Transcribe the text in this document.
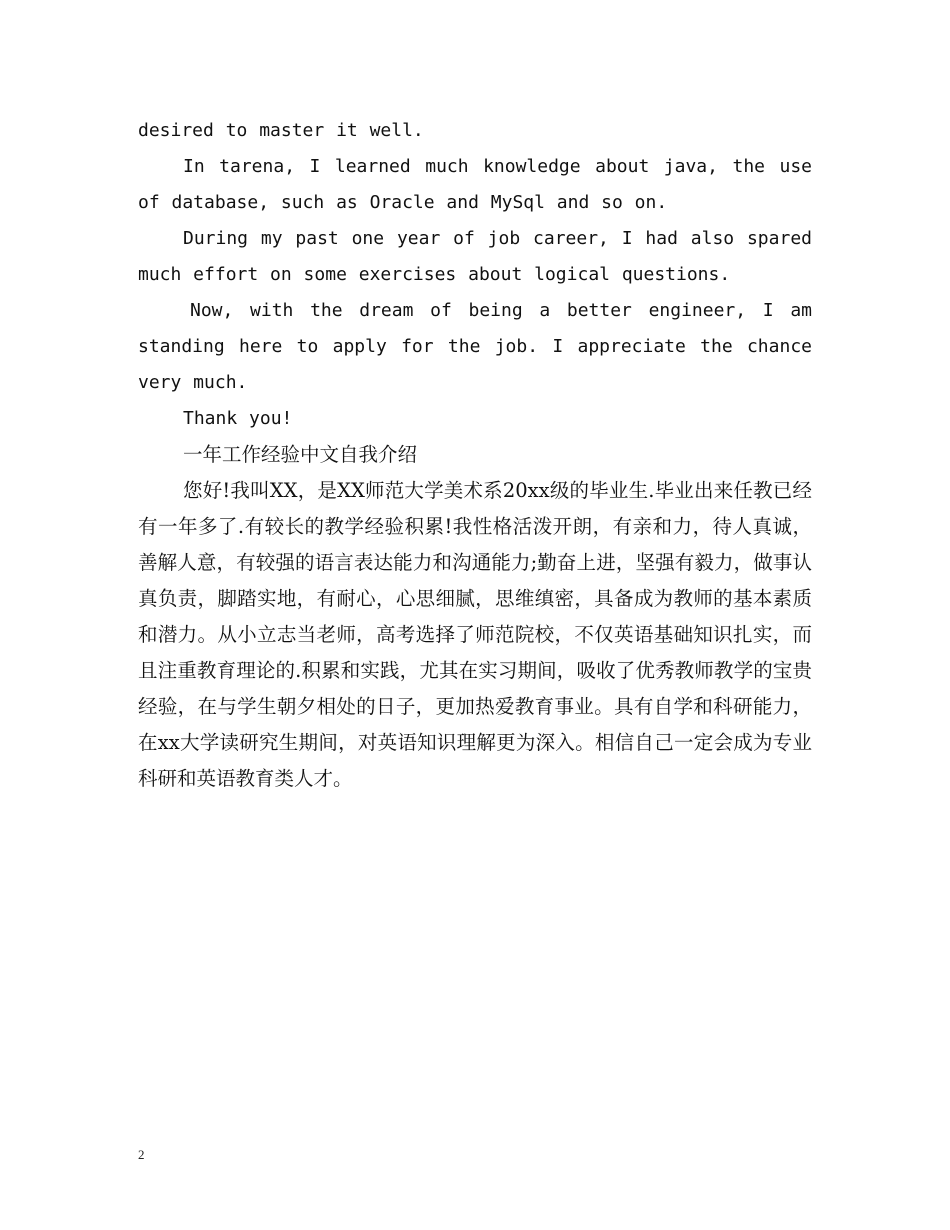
desired to master it well.

In tarena, I learned much knowledge about java, the use of database, such as Oracle and MySql and so on.

During my past one year of job career, I had also spared much effort on some exercises about logical questions.

Now, with the dream of being a better engineer, I am standing here to apply for the job. I appreciate the chance very much.

Thank you!

一年工作经验中文自我介绍

您好!我叫XX，是XX师范大学美术系20xx级的毕业生.毕业出来任教已经有一年多了.有较长的教学经验积累!我性格活泼开朗，有亲和力，待人真诚，善解人意，有较强的语言表达能力和沟通能力;勤奋上进，坚强有毅力，做事认真负责，脚踏实地，有耐心，心思细腻，思维缜密，具备成为教师的基本素质和潜力。从小立志当老师，高考选择了师范院校，不仅英语基础知识扎实，而且注重教育理论的.积累和实践，尤其在实习期间，吸收了优秀教师教学的宝贵经验，在与学生朝夕相处的日子，更加热爱教育事业。具有自学和科研能力，在xx大学读研究生期间，对英语知识理解更为深入。相信自己一定会成为专业科研和英语教育类人才。

2
